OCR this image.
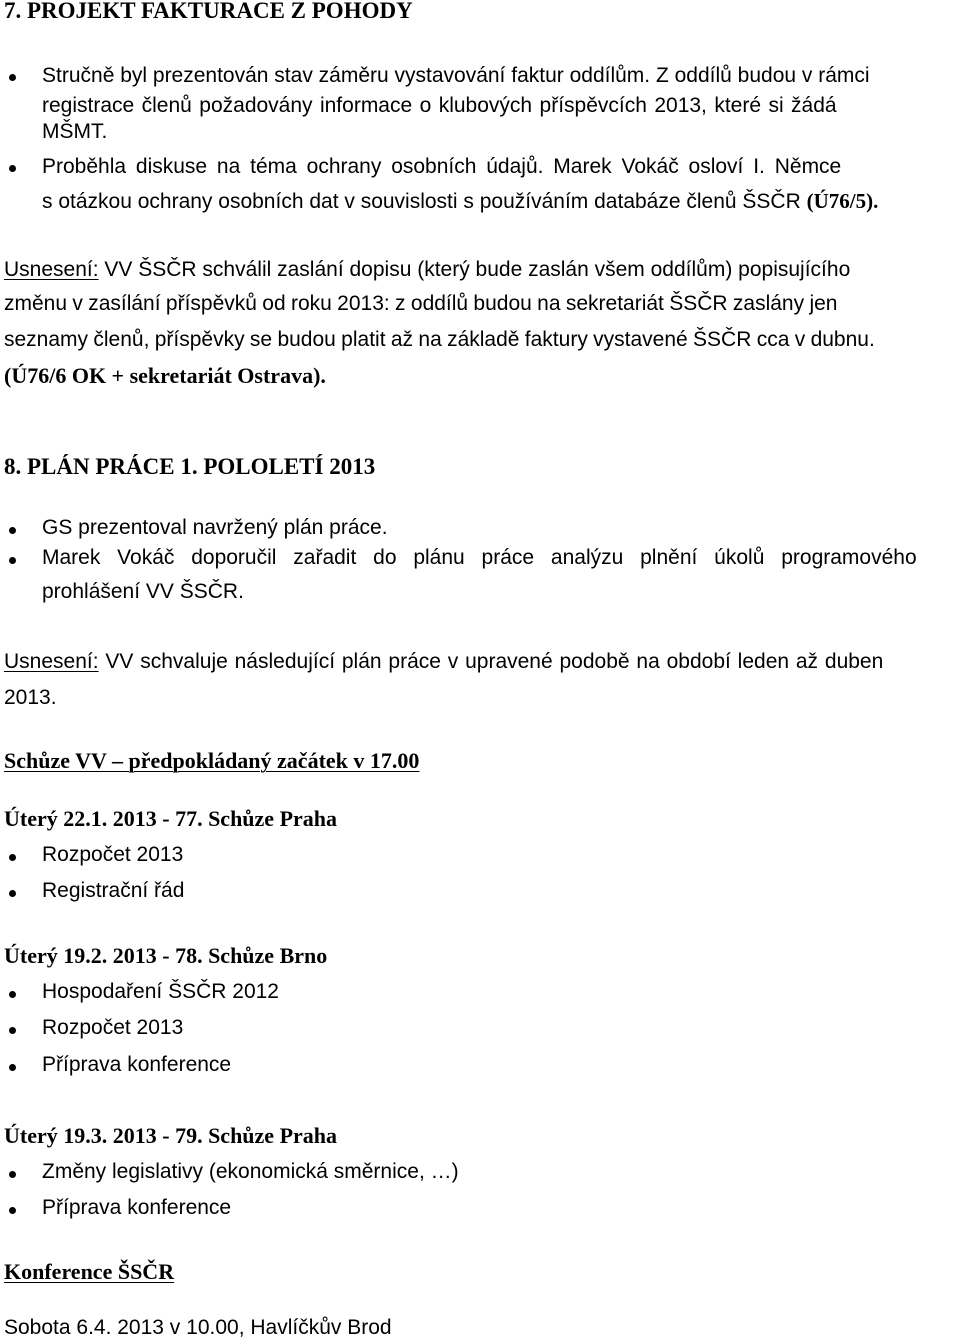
7. PROJEKT FAKTURACE Z POHODY
Stručně byl prezentován stav záměru vystavování faktur oddílům. Z oddílů budou v rámci
registrace členů požadovány informace o klubových příspěvcích 2013, které si žádá
MŠMT.
Proběhla diskuse na téma ochrany osobních údajů. Marek Vokáč osloví I. Němce
s otázkou ochrany osobních dat v souvislosti s používáním databáze členů ŠSČR (Ú76/5).
Usnesení: VV ŠSČR schválil zaslání dopisu (který bude zaslán všem oddílům) popisujícího
změnu v zasílání příspěvků od roku 2013: z oddílů budou na sekretariát ŠSČR zaslány jen
seznamy členů, příspěvky se budou platit až na základě faktury vystavené ŠSČR cca v dubnu.
(Ú76/6 OK + sekretariát Ostrava).
8. PLÁN PRÁCE 1. POLOLETÍ 2013
GS prezentoval navržený plán práce.
Marek Vokáč doporučil zařadit do plánu práce analýzu plnění úkolů programového
prohlášení VV ŠSČR.
Usnesení: VV schvaluje následující plán práce v upravené podobě na období leden až duben
2013.
Schůze VV – předpokládaný začátek v 17.00
Úterý 22.1. 2013 - 77. Schůze Praha
Rozpočet 2013
Registrační řád
Úterý 19.2. 2013 - 78. Schůze Brno
Hospodaření ŠSČR 2012
Rozpočet 2013
Příprava konference
Úterý 19.3. 2013 - 79. Schůze Praha
Změny legislativy (ekonomická směrnice, …)
Příprava konference
Konference ŠSČR
Sobota 6.4. 2013 v 10.00, Havlíčkův Brod
